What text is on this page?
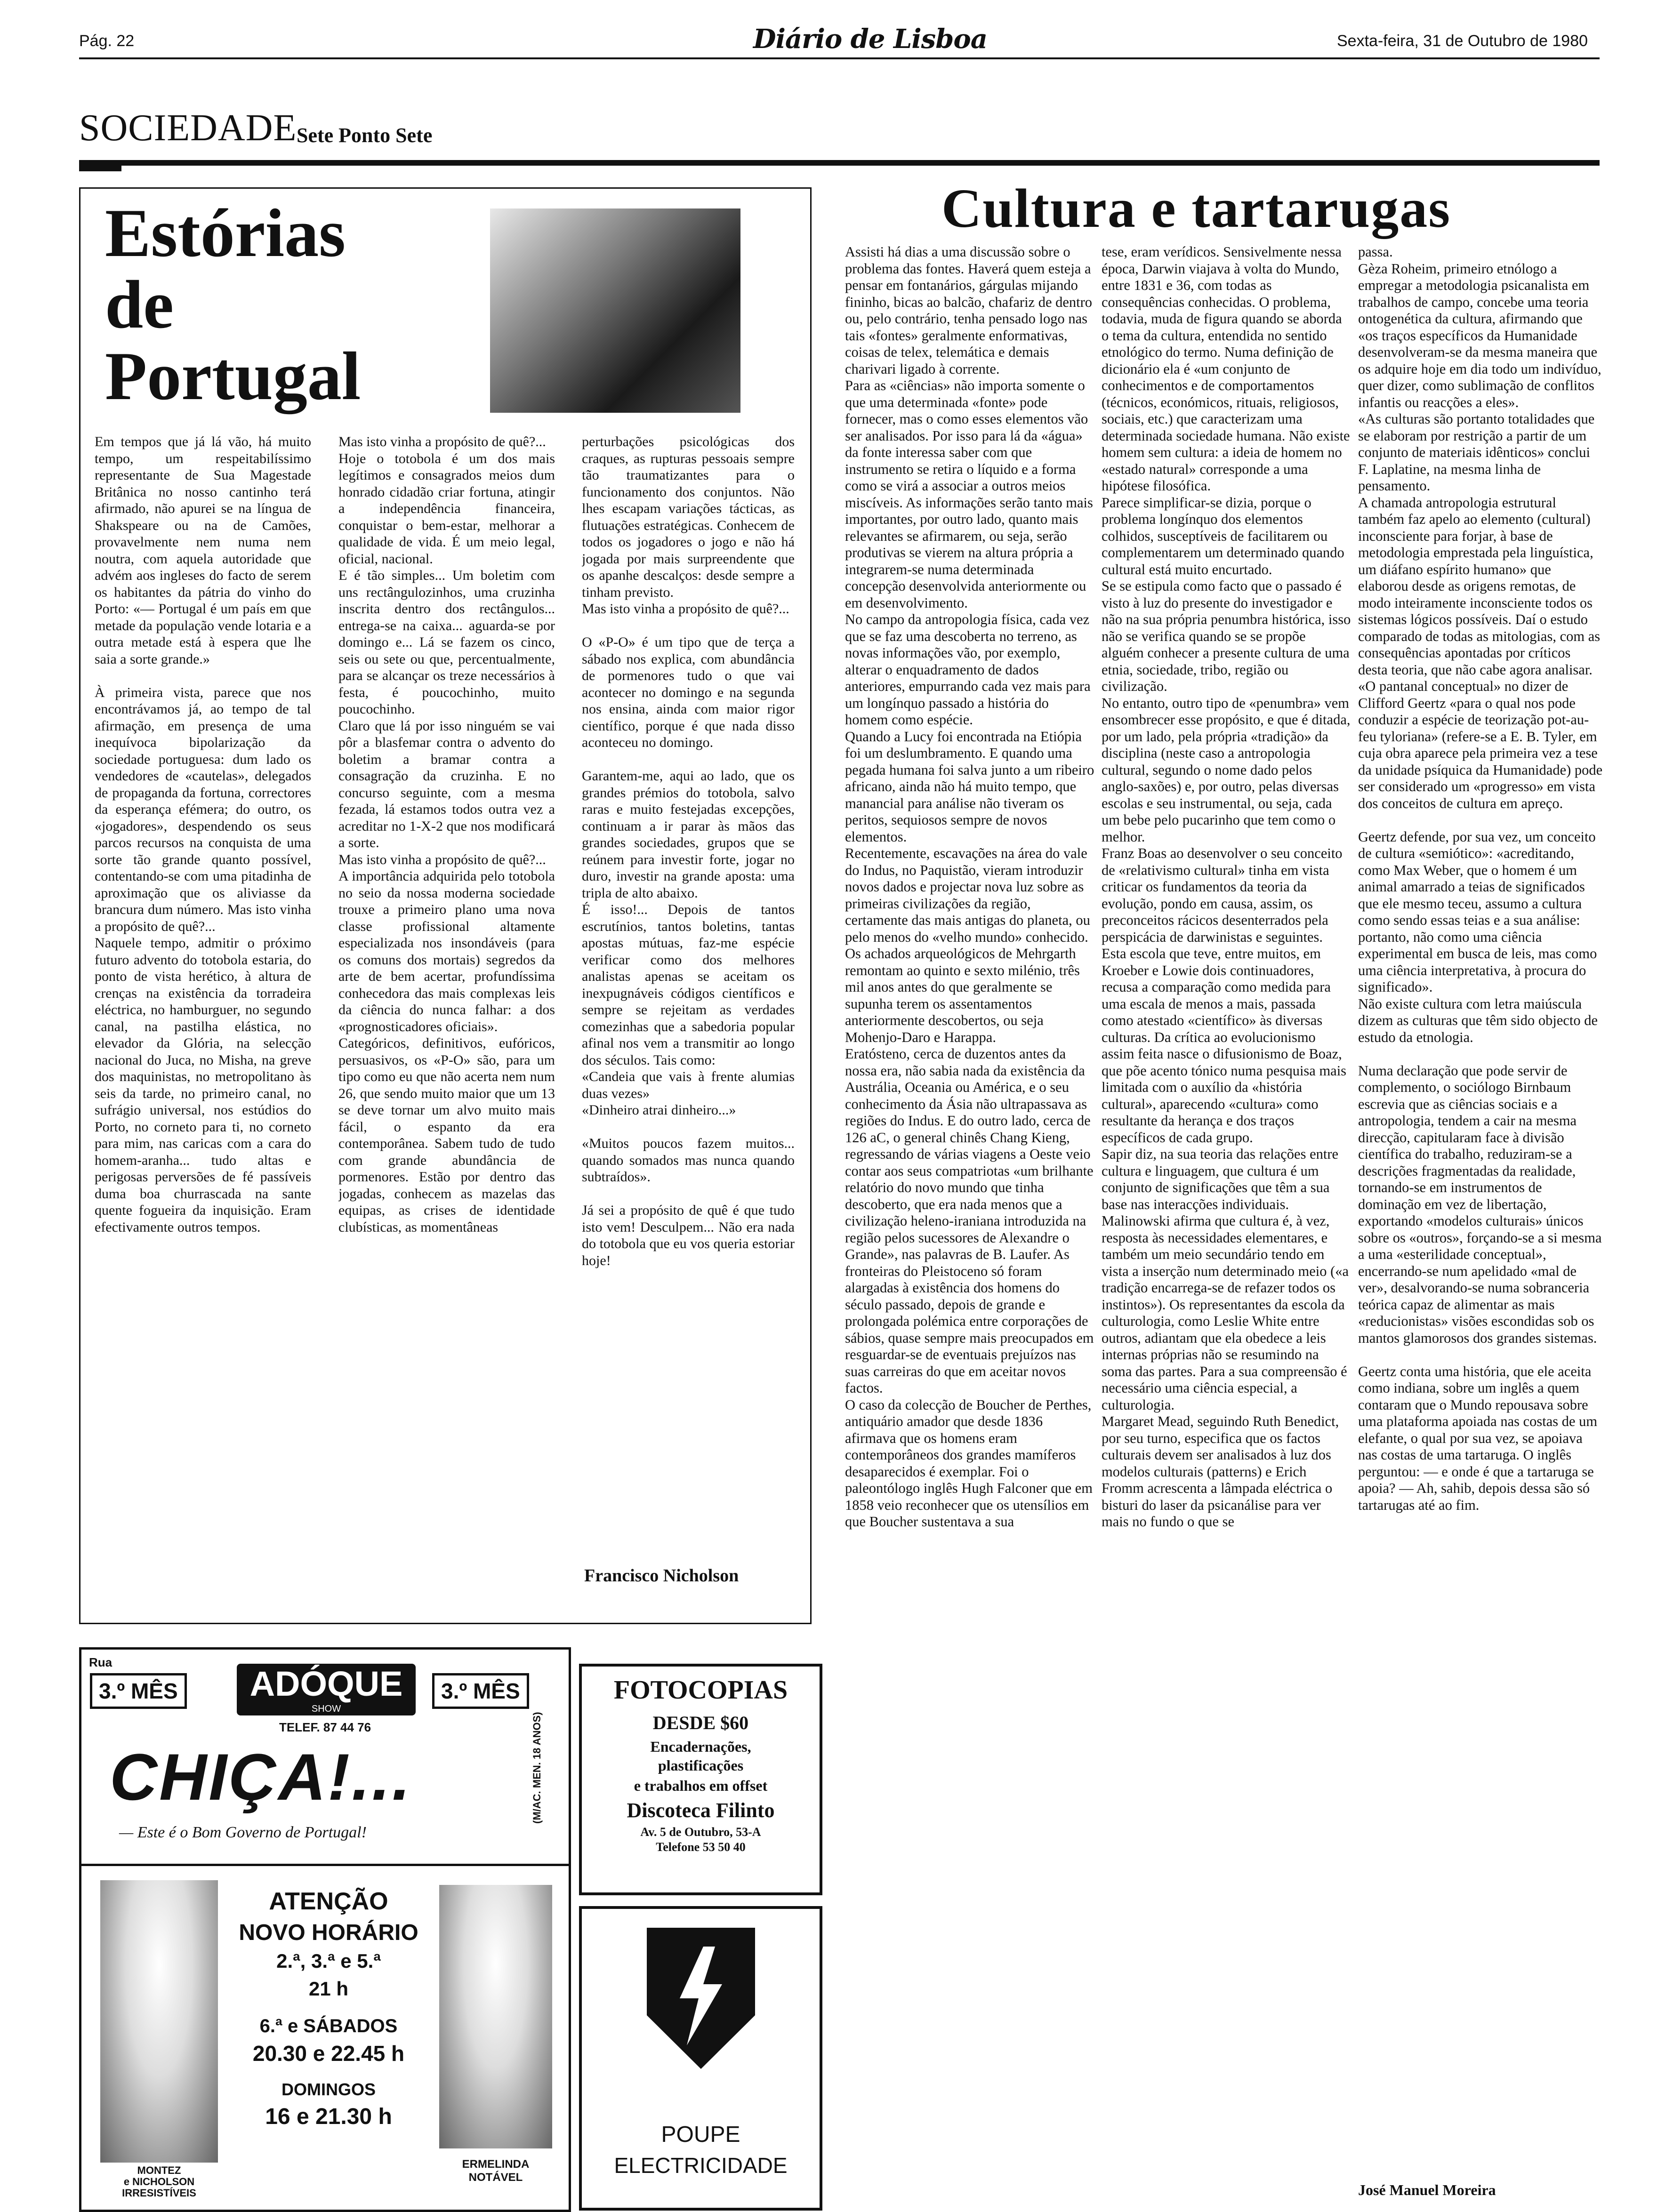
Pág. 22	Diário de Lisboa	Sexta-feira, 31 de Outubro de 1980
SOCIEDADE Sete Ponto Sete
Estórias
de
Portugal
Em tempos que já lá vão, há muito tempo, um respeitabilíssimo representante de Sua Magestade Britânica no nosso cantinho terá afirmado, não apurei se na língua de Shakspeare ou na de Camões, provavelmente nem numa nem noutra, com aquela autoridade que advém aos ingleses do facto de serem os habitantes da pátria do vinho do Porto: «— Portugal é um país em que metade da população vende lotaria e a outra metade está à espera que lhe saia a sorte grande.»

À primeira vista, parece que nos encontrávamos já, ao tempo de tal afirmação, em presença de uma inequívoca bipolarização da sociedade portuguesa: dum lado os vendedores de «cautelas», delegados de propaganda da fortuna, correctores da esperança efémera; do outro, os «jogadores», despendendo os seus parcos recursos na conquista de uma sorte tão grande quanto possível, contentando-se com uma pitadinha de aproximação que os aliviasse da brancura dum número. Mas isto vinha a propósito de quê?...
Naquele tempo, admitir o próximo futuro advento do totobola estaria, do ponto de vista herético, à altura de crenças na existência da torradeira eléctrica, no hamburguer, no segundo canal, na pastilha elástica, no elevador da Glória, na selecção nacional do Juca, no Misha, na greve dos maquinistas, no metropolitano às seis da tarde, no primeiro canal, no sufrágio universal, nos estúdios do Porto, no corneto para ti, no corneto para mim, nas caricas com a cara do homem-aranha... tudo altas e perigosas perversões de fé passíveis duma boa churrascada na sante quente fogueira da inquisição. Eram efectivamente outros tempos.
Mas isto vinha a propósito de quê?...
Hoje o totobola é um dos mais legítimos e consagrados meios dum honrado cidadão criar fortuna, atingir a independência financeira, conquistar o bem-estar, melhorar a qualidade de vida. É um meio legal, oficial, nacional.
E é tão simples... Um boletim com uns rectângulozinhos, uma cruzinha inscrita dentro dos rectângulos... entrega-se na caixa... aguarda-se por domingo e... Lá se fazem os cinco, seis ou sete ou que, percentualmente, para se alcançar os treze necessários à festa, é poucochinho, muito poucochinho.
Claro que lá por isso ninguém se vai pôr a blasfemar contra o advento do boletim a bramar contra a consagração da cruzinha. E no concurso seguinte, com a mesma fezada, lá estamos todos outra vez a acreditar no 1-X-2 que nos modificará a sorte.
Mas isto vinha a propósito de quê?...
A importância adquirida pelo totobola no seio da nossa moderna sociedade trouxe a primeiro plano uma nova classe profissional altamente especializada nos insondáveis (para os comuns dos mortais) segredos da arte de bem acertar, profundíssima conhecedora das mais complexas leis da ciência do nunca falhar: a dos «prognosticadores oficiais».
Categóricos, definitivos, eufóricos, persuasivos, os «P-O» são, para um tipo como eu que não acerta nem num 26, que sendo muito maior que um 13 se deve tornar um alvo muito mais fácil, o espanto da era contemporânea. Sabem tudo de tudo com grande abundância de pormenores. Estão por dentro das jogadas, conhecem as mazelas das equipas, as crises de identidade clubísticas, as momentâneas
perturbações psicológicas dos craques, as rupturas pessoais sempre tão traumatizantes para o funcionamento dos conjuntos. Não lhes escapam variações tácticas, as flutuações estratégicas. Conhecem de todos os jogadores o jogo e não há jogada por mais surpreendente que os apanhe descalços: desde sempre a tinham previsto.
Mas isto vinha a propósito de quê?...

O «P-O» é um tipo que de terça a sábado nos explica, com abundância de pormenores tudo o que vai acontecer no domingo e na segunda nos ensina, ainda com maior rigor científico, porque é que nada disso aconteceu no domingo.

Garantem-me, aqui ao lado, que os grandes prémios do totobola, salvo raras e muito festejadas excepções, continuam a ir parar às mãos das grandes sociedades, grupos que se reúnem para investir forte, jogar no duro, investir na grande aposta: uma tripla de alto abaixo.
É isso!... Depois de tantos escrutínios, tantos boletins, tantas apostas mútuas, faz-me espécie verificar como dos melhores analistas apenas se aceitam os inexpugnáveis códigos científicos e sempre se rejeitam as verdades comezinhas que a sabedoria popular afinal nos vem a transmitir ao longo dos séculos. Tais como:
«Candeia que vais à frente alumias duas vezes»
«Dinheiro atrai dinheiro...»

«Muitos poucos fazem muitos... quando somados mas nunca quando subtraídos».

Já sei a propósito de quê é que tudo isto vem! Desculpem... Não era nada do totobola que eu vos queria estoriar hoje!
Francisco Nicholson
Cultura e tartarugas
Assisti há dias a uma discussão sobre o problema das fontes. Haverá quem esteja a pensar em fontanários, gárgulas mijando fininho, bicas ao balcão, chafariz de dentro ou, pelo contrário, tenha pensado logo nas tais «fontes» geralmente enformativas, coisas de telex, telemática e demais charivari ligado à corrente.
Para as «ciências» não importa somente o que uma determinada «fonte» pode fornecer, mas o como esses elementos vão ser analisados. Por isso para lá da «água» da fonte interessa saber com que instrumento se retira o líquido e a forma como se virá a associar a outros meios miscíveis. As informações serão tanto mais importantes, por outro lado, quanto mais relevantes se afirmarem, ou seja, serão produtivas se vierem na altura própria a integrarem-se numa determinada concepção desenvolvida anteriormente ou em desenvolvimento.
No campo da antropologia física, cada vez que se faz uma descoberta no terreno, as novas informações vão, por exemplo, alterar o enquadramento de dados anteriores, empurrando cada vez mais para um longínquo passado a história do homem como espécie.
Quando a Lucy foi encontrada na Etiópia foi um deslumbramento. E quando uma pegada humana foi salva junto a um ribeiro africano, ainda não há muito tempo, que manancial para análise não tiveram os peritos, sequiosos sempre de novos elementos.
Recentemente, escavações na área do vale do Indus, no Paquistão, vieram introduzir novos dados e projectar nova luz sobre as primeiras civilizações da região, certamente das mais antigas do planeta, ou pelo menos do «velho mundo» conhecido.
Os achados arqueológicos de Mehrgarth remontam ao quinto e sexto milénio, três mil anos antes do que geralmente se supunha terem os assentamentos anteriormente descobertos, ou seja Mohenjo-Daro e Harappa.
Eratósteno, cerca de duzentos antes da nossa era, não sabia nada da existência da Austrália, Oceania ou América, e o seu conhecimento da Ásia não ultrapassava as regiões do Indus. E do outro lado, cerca de 126 aC, o general chinês Chang Kieng, regressando de várias viagens a Oeste veio contar aos seus compatriotas «um brilhante relatório do novo mundo que tinha descoberto, que era nada menos que a civilização heleno-iraniana introduzida na região pelos sucessores de Alexandre o Grande», nas palavras de B. Laufer. As fronteiras do Pleistoceno só foram alargadas à existência dos homens do século passado, depois de grande e prolongada polémica entre corporações de sábios, quase sempre mais preocupados em resguardar-se de eventuais prejuízos nas suas carreiras do que em aceitar novos factos.
O caso da colecção de Boucher de Perthes, antiquário amador que desde 1836 afirmava que os homens eram contemporâneos dos grandes mamíferos desaparecidos é exemplar. Foi o paleontólogo inglês Hugh Falconer que em 1858 veio reconhecer que os utensílios em que Boucher sustentava a sua
tese, eram verídicos. Sensivelmente nessa época, Darwin viajava à volta do Mundo, entre 1831 e 36, com todas as consequências conhecidas. O problema, todavia, muda de figura quando se aborda o tema da cultura, entendida no sentido etnológico do termo. Numa definição de dicionário ela é «um conjunto de conhecimentos e de comportamentos (técnicos, económicos, rituais, religiosos, sociais, etc.) que caracterizam uma determinada sociedade humana. Não existe homem sem cultura: a ideia de homem no «estado natural» corresponde a uma hipótese filosófica.
Parece simplificar-se dizia, porque o problema longínquo dos elementos colhidos, susceptíveis de facilitarem ou complementarem um determinado quando cultural está muito encurtado.
Se se estipula como facto que o passado é visto à luz do presente do investigador e não na sua própria penumbra histórica, isso não se verifica quando se se propõe alguém conhecer a presente cultura de uma etnia, sociedade, tribo, região ou civilização.
No entanto, outro tipo de «penumbra» vem ensombrecer esse propósito, e que é ditada, por um lado, pela própria «tradição» da disciplina (neste caso a antropologia cultural, segundo o nome dado pelos anglo-saxões) e, por outro, pelas diversas escolas e seu instrumental, ou seja, cada um bebe pelo pucarinho que tem como o melhor.
Franz Boas ao desenvolver o seu conceito de «relativismo cultural» tinha em vista criticar os fundamentos da teoria da evolução, pondo em causa, assim, os preconceitos rácicos desenterrados pela perspicácia de darwinistas e seguintes. Esta escola que teve, entre muitos, em Kroeber e Lowie dois continuadores, recusa a comparação como medida para uma escala de menos a mais, passada como atestado «científico» às diversas culturas. Da crítica ao evolucionismo assim feita nasce o difusionismo de Boaz, que põe acento tónico numa pesquisa mais limitada com o auxílio da «história cultural», aparecendo «cultura» como resultante da herança e dos traços específicos de cada grupo.
Sapir diz, na sua teoria das relações entre cultura e linguagem, que cultura é um conjunto de significações que têm a sua base nas interacções individuais. Malinowski afirma que cultura é, à vez, resposta às necessidades elementares, e também um meio secundário tendo em vista a inserção num determinado meio («a tradição encarrega-se de refazer todos os instintos»). Os representantes da escola da culturologia, como Leslie White entre outros, adiantam que ela obedece a leis internas próprias não se resumindo na soma das partes. Para a sua compreensão é necessário uma ciência especial, a culturologia.
Margaret Mead, seguindo Ruth Benedict, por seu turno, especifica que os factos culturais devem ser analisados à luz dos modelos culturais (patterns) e Erich Fromm acrescenta a lâmpada eléctrica o bisturi do laser da psicanálise para ver mais no fundo o que se
passa.
Gèza Roheim, primeiro etnólogo a empregar a metodologia psicanalista em trabalhos de campo, concebe uma teoria ontogenética da cultura, afirmando que «os traços específicos da Humanidade desenvolveram-se da mesma maneira que os adquire hoje em dia todo um indivíduo, quer dizer, como sublimação de conflitos infantis ou reacções a eles».
«As culturas são portanto totalidades que se elaboram por restrição a partir de um conjunto de materiais idênticos» conclui F. Laplatine, na mesma linha de pensamento.
A chamada antropologia estrutural também faz apelo ao elemento (cultural) inconsciente para forjar, à base de metodologia emprestada pela linguística, um diáfano espírito humano» que elaborou desde as origens remotas, de modo inteiramente inconsciente todos os sistemas lógicos possíveis. Daí o estudo comparado de todas as mitologias, com as consequências apontadas por críticos desta teoria, que não cabe agora analisar.
«O pantanal conceptual» no dizer de Clifford Geertz «para o qual nos pode conduzir a espécie de teorização pot-au-feu tyloriana» (refere-se a E. B. Tyler, em cuja obra aparece pela primeira vez a tese da unidade psíquica da Humanidade) pode ser considerado um «progresso» em vista dos conceitos de cultura em apreço.

Geertz defende, por sua vez, um conceito de cultura «semiótico»: «acreditando, como Max Weber, que o homem é um animal amarrado a teias de significados que ele mesmo teceu, assumo a cultura como sendo essas teias e a sua análise: portanto, não como uma ciência experimental em busca de leis, mas como uma ciência interpretativa, à procura do significado».
Não existe cultura com letra maiúscula dizem as culturas que têm sido objecto de estudo da etnologia.

Numa declaração que pode servir de complemento, o sociólogo Birnbaum escrevia que as ciências sociais e a antropologia, tendem a cair na mesma direcção, capitularam face à divisão científica do trabalho, reduziram-se a descrições fragmentadas da realidade, tornando-se em instrumentos de dominação em vez de libertação, exportando «modelos culturais» únicos sobre os «outros», forçando-se a si mesma a uma «esterilidade conceptual», encerrando-se num apelidado «mal de ver», desalvorando-se numa sobranceria teórica capaz de alimentar as mais «reducionistas» visões escondidas sob os mantos glamorosos dos grandes sistemas.

Geertz conta uma história, que ele aceita como indiana, sobre um inglês a quem contaram que o Mundo repousava sobre uma plataforma apoiada nas costas de um elefante, o qual por sua vez, se apoiava nas costas de uma tartaruga. O inglês perguntou: — e onde é que a tartaruga se apoia? — Ah, sahib, depois dessa são só tartarugas até ao fim.
José Manuel Moreira
Rua
3.º MÊS	ADÓQUE
SHOW
3.º MÊS
TELEF. 87 44 76
CHIÇA!...
— Este é o Bom Governo de Portugal!
(M/AC. MEN. 18 ANOS)
MONTEZ
e NICHOLSON
IRRESISTÍVEIS
ATENÇÃO
NOVO HORÁRIO
2.ª, 3.ª e 5.ª
21 h
6.ª e SÁBADOS
20.30 e 22.45 h
DOMINGOS
16 e 21.30 h
ERMELINDA
NOTÁVEL
FOTOCOPIAS
DESDE $60
Encadernações,
plastificações
e trabalhos em offset
Discoteca Filinto
Av. 5 de Outubro, 53-A
Telefone 53 50 40
POUPE
ELECTRICIDADE
